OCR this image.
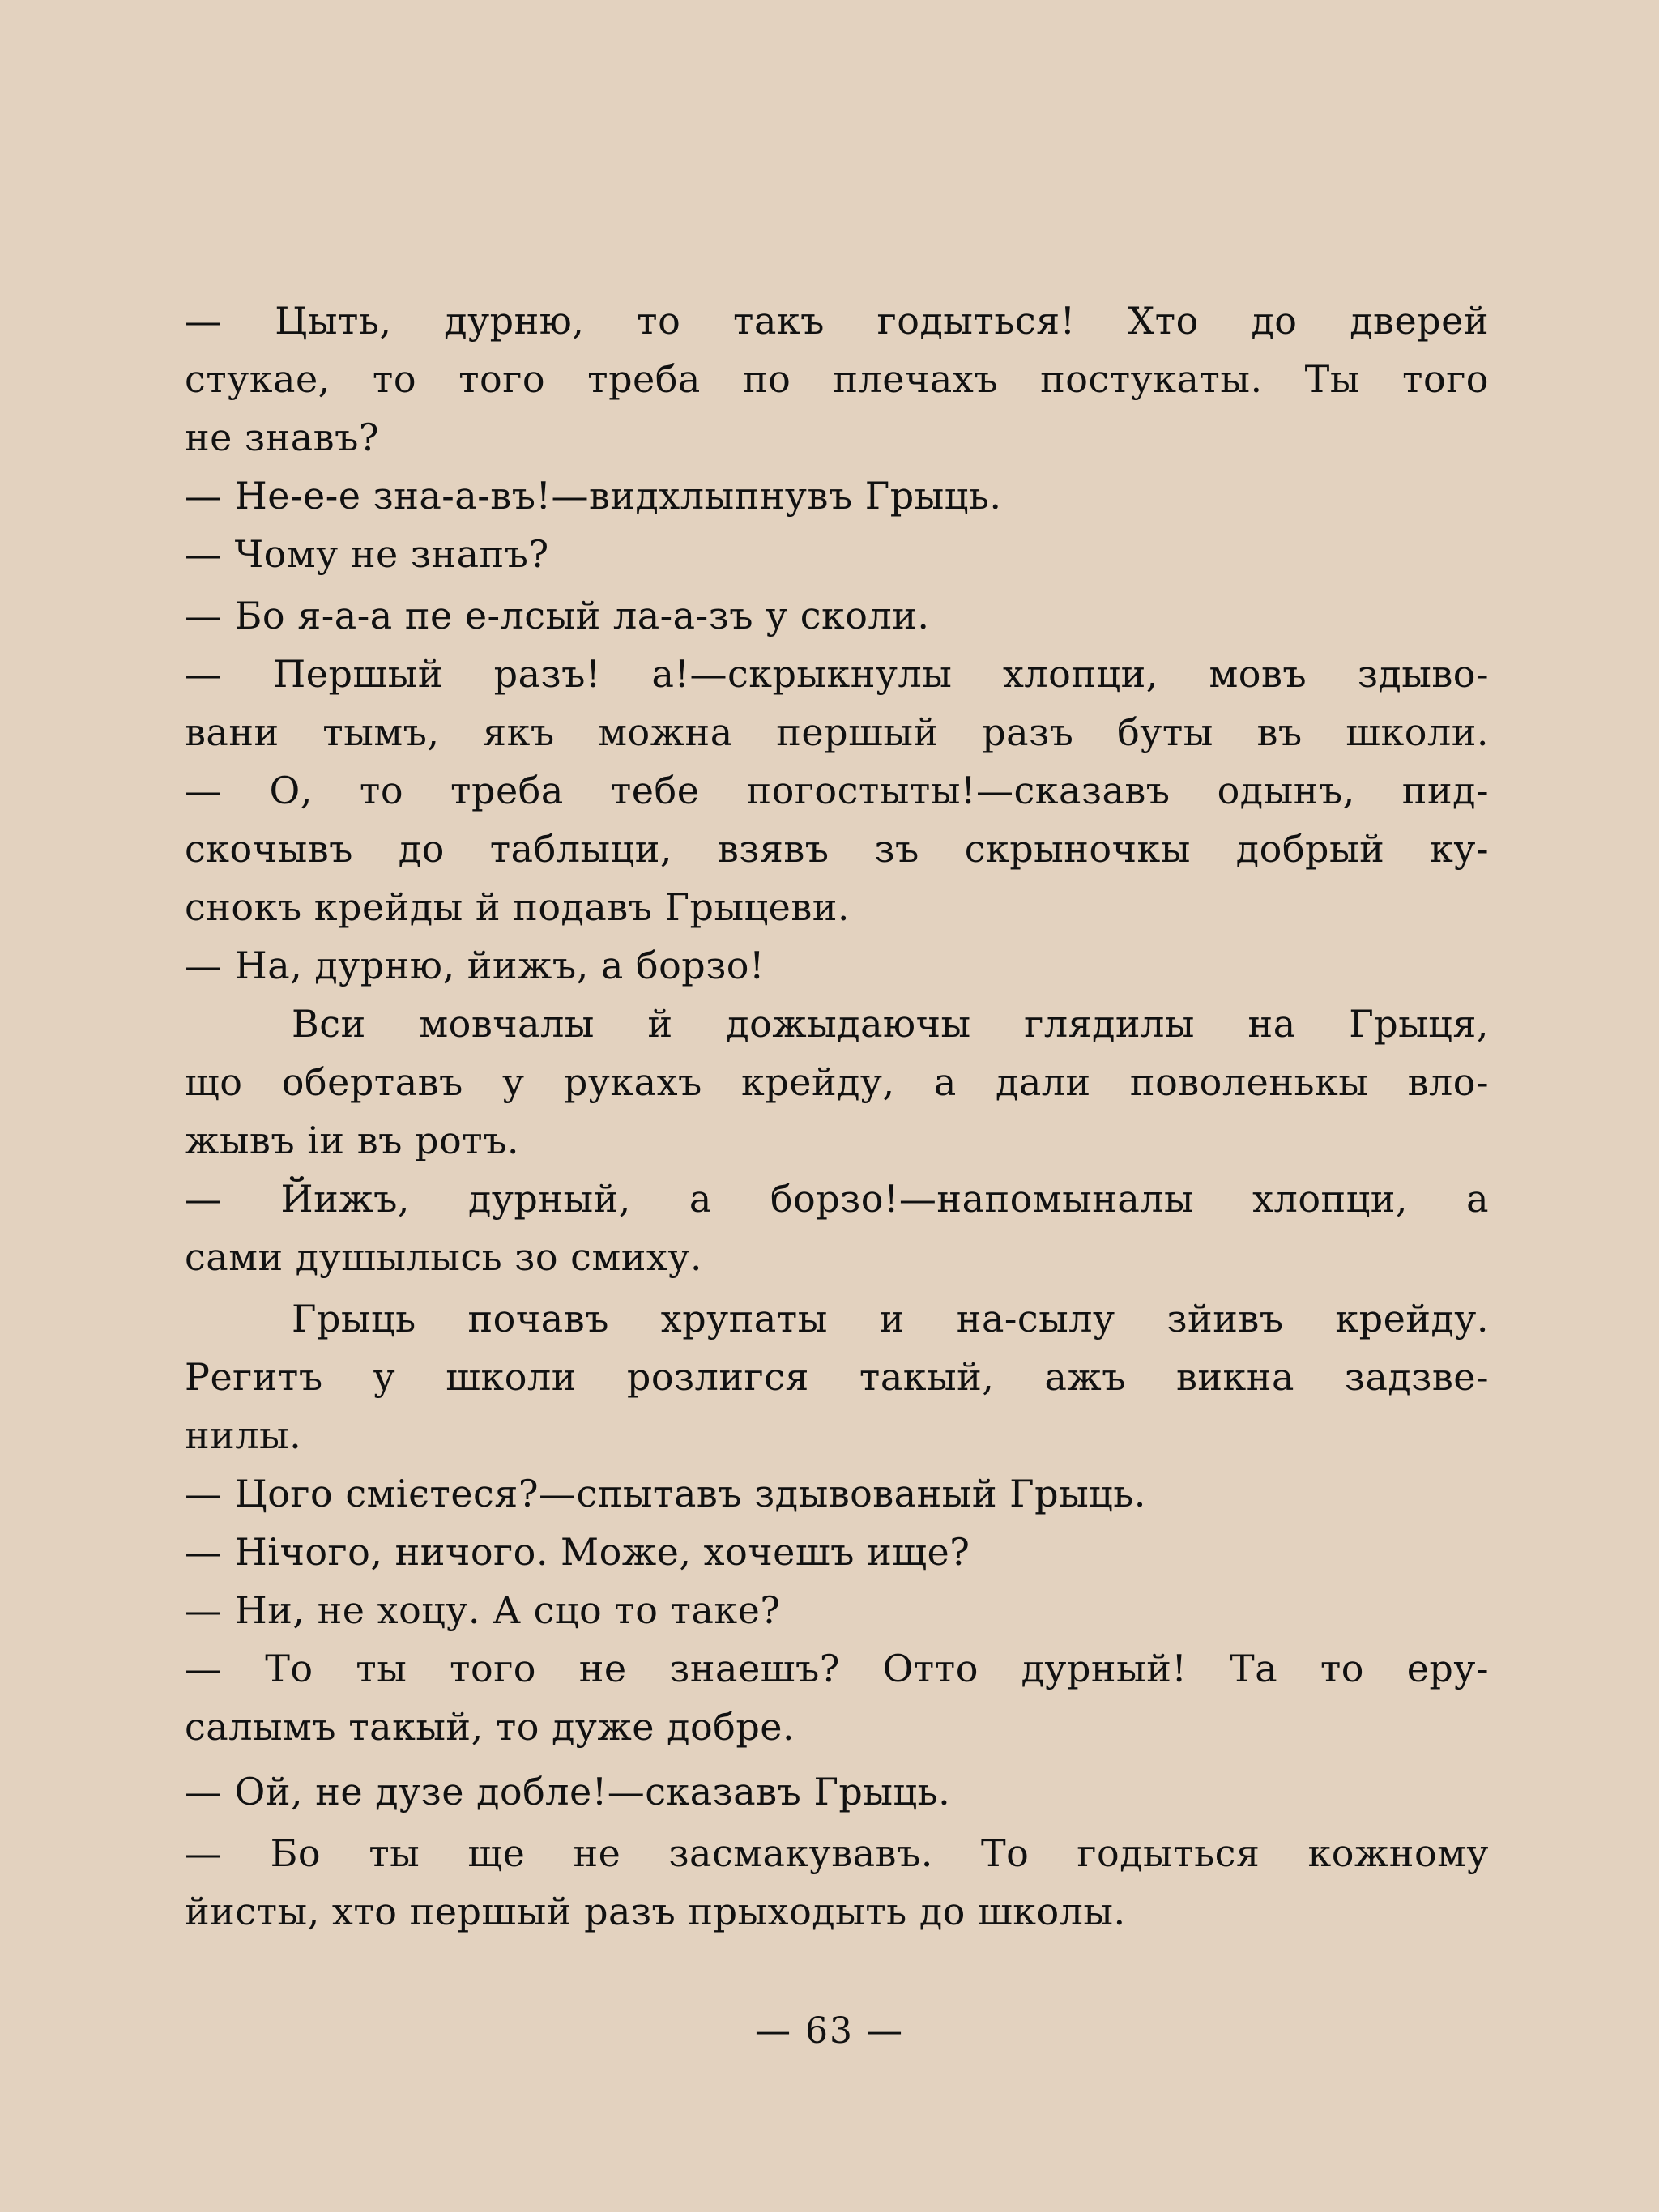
— Цыть, дурню, то такъ годыться! Хто до дверей
стукае, то того треба по плечахъ постукаты. Ты того
не знавъ?
— Не-е-е зна-а-въ!—видхлыпнувъ Грыць.
— Чому не знапъ?
— Бо я-а-а пе е-лсый ла-а-зъ у сколи.
— Першый разъ! а!—скрыкнулы хлопци, мовъ здыво-
вани тымъ, якъ можна першый разъ буты въ школи.
— О, то треба тебе погостыты!—сказавъ одынъ, пид-
скочывъ до таблыци, взявъ зъ скрыночкы добрый ку-
снокъ крейды й подавъ Грыцеви.
— На, дурню, йижъ, а борзо!
Вси мовчалы й дожыдаючы глядилы на Грыця,
що обертавъ у рукахъ крейду, а дали поволенькы вло-
жывъ іи въ ротъ.
— Йижъ, дурный, а борзо!—напомыналы хлопци, а
сами душылысь зо смиху.
Грыць почавъ хрупаты и на-сылу зйивъ крейду.
Регитъ у школи розлигся такый, ажъ викна задзве-
нилы.
— Цого смієтеся?—спытавъ здывованый Грыць.
— Нічого, ничого. Може, хочешъ ище?
— Ни, не хоцу. А сцо то таке?
— То ты того не знаешъ? Отто дурный! Та то еру-
салымъ такый, то дуже добре.
— Ой, не дузе добле!—сказавъ Грыць.
— Бо ты ще не засмакувавъ. То годыться кожному
йисты, хто першый разъ прыходыть до школы.
— 63 —
